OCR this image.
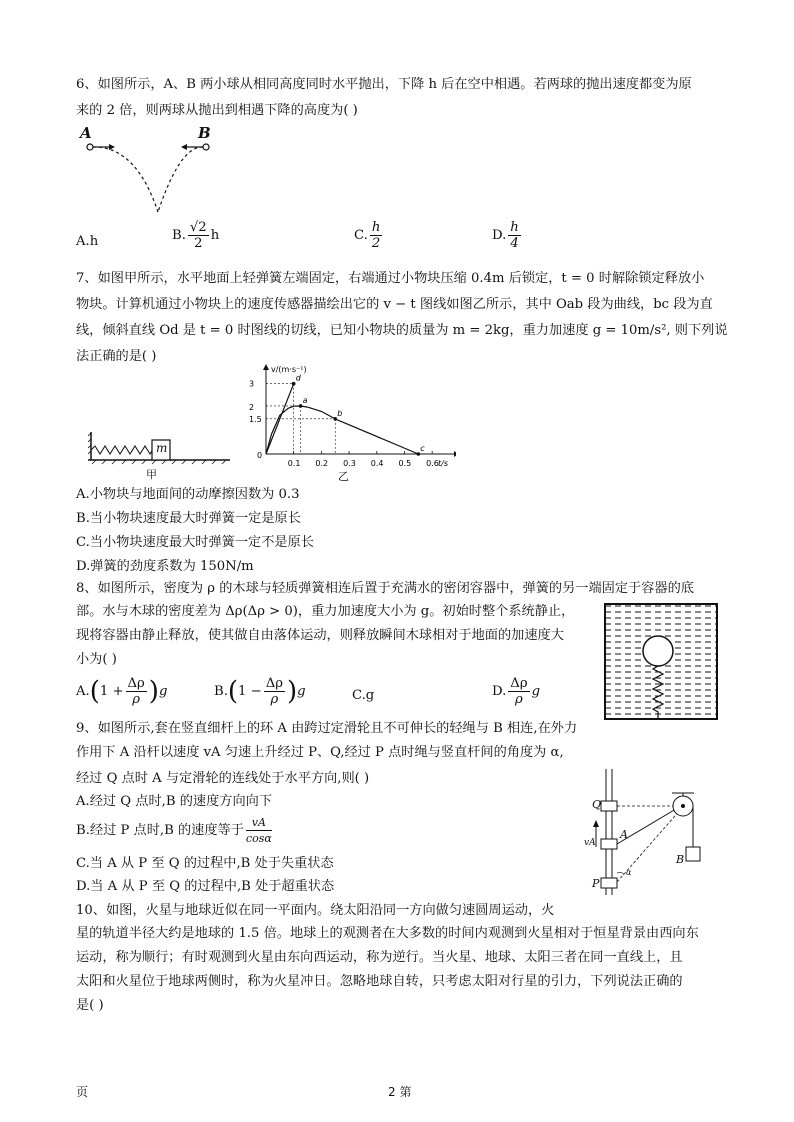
6、如图所示，A、B 两小球从相同高度同时水平抛出，下降 h 后在空中相遇。若两球的抛出速度都变为原
来的 2 倍，则两球从抛出到相遇下降的高度为( )
A	B
A.h	B. $\frac{√2}{2}$ h	C. $\frac{h}{2}$	D. $\frac{h}{4}$
7、如图甲所示，水平地面上轻弹簧左端固定，右端通过小物块压缩 0.4m 后锁定，t = 0 时解除锁定释放小
物块。计算机通过小物块上的速度传感器描绘出它的 v − t 图线如图乙所示，其中 Oab 段为曲线，bc 段为直
线，倾斜直线 Od 是 t = 0 时图线的切线，已知小物块的质量为 m = 2kg，重力加速度 g = 10m/s², 则下列说
法正确的是( )
m
甲
v/(m·s⁻¹)
t/s
0
0.1 0.2 0.3 0.4 0.5 0.6
1.5
2
3
d
a
b
c
乙
A.小物块与地面间的动摩擦因数为 0.3
B.当小物块速度最大时弹簧一定是原长
C.当小物块速度最大时弹簧一定不是原长
D.弹簧的劲度系数为 150N/m
8、如图所示，密度为 ρ 的木球与轻质弹簧相连后置于充满水的密闭容器中，弹簧的另一端固定于容器的底
部。水与木球的密度差为 Δρ(Δρ > 0)，重力加速度大小为 g。初始时整个系统静止，
现将容器由静止释放，使其做自由落体运动，则释放瞬间木球相对于地面的加速度大
小为( )
$A.(1 + \frac{\Delta\rho}{\rho} )g$	$B.(1 - \frac{\Delta\rho}{\rho} )g$	C.g	D. $\frac{\Delta\rho}{\rho}$ g
9、如图所示,套在竖直细杆上的环 A 由跨过定滑轮且不可伸长的轻绳与 B 相连,在外力
作用下 A 沿杆以速度 vA 匀速上升经过 P、Q,经过 P 点时绳与竖直杆间的角度为 α,
经过 Q 点时 A 与定滑轮的连线处于水平方向,则( )
A.经过 Q 点时,B 的速度方向向下
B.经过 P 点时,B 的速度等于 $\frac{vA}{\cos\alpha}$
C.当 A 从 P 至 Q 的过程中,B 处于失重状态
D.当 A 从 P 至 Q 的过程中,B 处于超重状态
Q
A
P
B
vA
α
10、如图，火星与地球近似在同一平面内。绕太阳沿同一方向做匀速圆周运动，火
星的轨道半径大约是地球的 1.5 倍。地球上的观测者在大多数的时间内观测到火星相对于恒星背景由西向东
运动，称为顺行；有时观测到火星由东向西运动，称为逆行。当火星、地球、太阳三者在同一直线上，且
太阳和火星位于地球两侧时，称为火星冲日。忽略地球自转，只考虑太阳对行星的引力，下列说法正确的
是( )
页	2 第
